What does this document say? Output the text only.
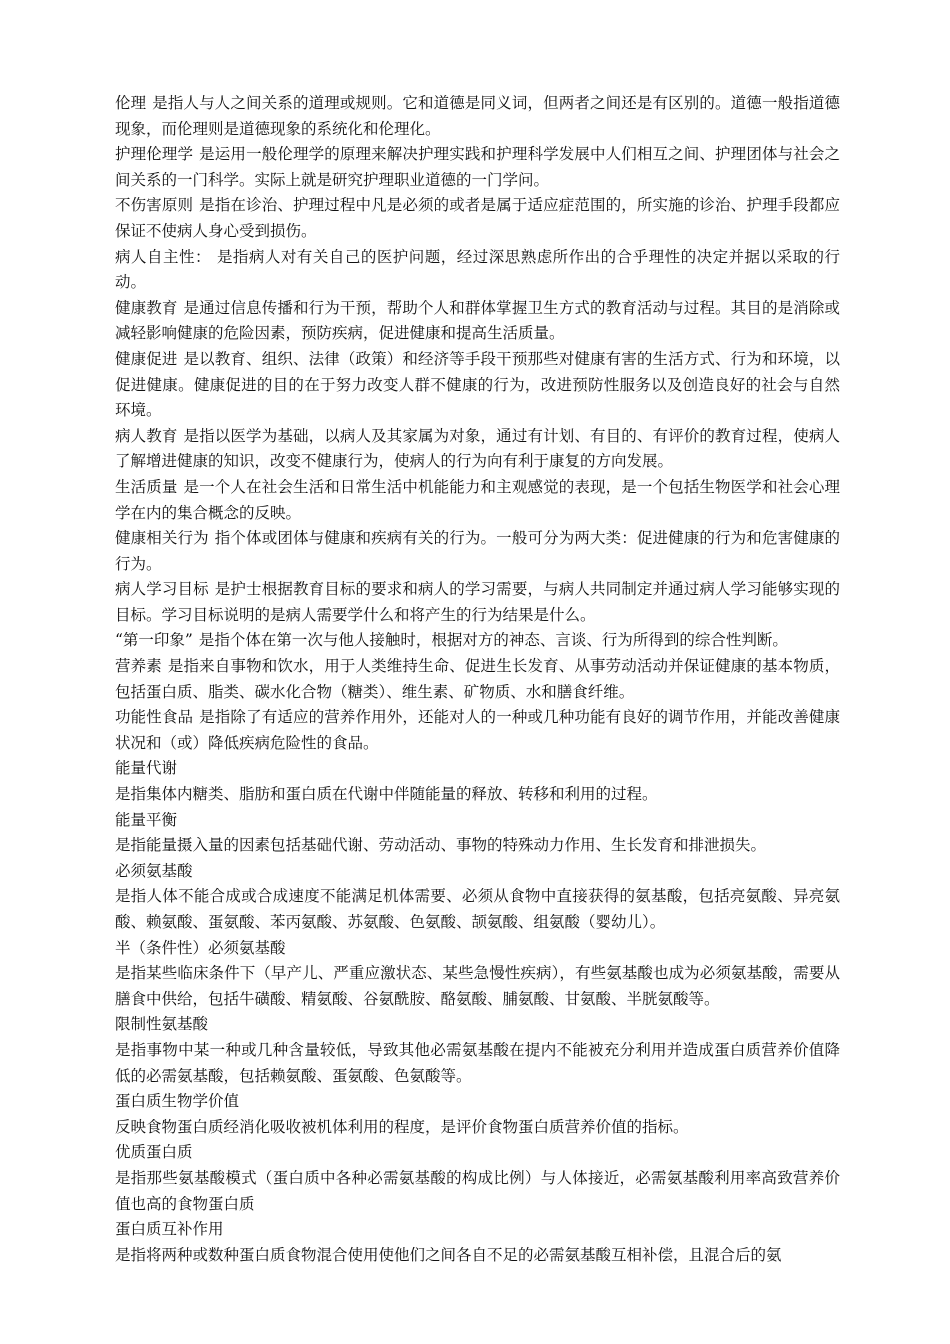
伦理 是指人与人之间关系的道理或规则。它和道德是同义词，但两者之间还是有区别的。道德一般指道德现象，而伦理则是道德现象的系统化和伦理化。

护理伦理学 是运用一般伦理学的原理来解决护理实践和护理科学发展中人们相互之间、护理团体与社会之间关系的一门科学。实际上就是研究护理职业道德的一门学问。

不伤害原则 是指在诊治、护理过程中凡是必须的或者是属于适应症范围的，所实施的诊治、护理手段都应保证不使病人身心受到损伤。

病人自主性： 是指病人对有关自己的医护问题，经过深思熟虑所作出的合乎理性的决定并据以采取的行动。

健康教育 是通过信息传播和行为干预，帮助个人和群体掌握卫生方式的教育活动与过程。其目的是消除或减轻影响健康的危险因素，预防疾病，促进健康和提高生活质量。

健康促进 是以教育、组织、法律（政策）和经济等手段干预那些对健康有害的生活方式、行为和环境，以促进健康。健康促进的目的在于努力改变人群不健康的行为，改进预防性服务以及创造良好的社会与自然环境。

病人教育 是指以医学为基础，以病人及其家属为对象，通过有计划、有目的、有评价的教育过程，使病人了解增进健康的知识，改变不健康行为，使病人的行为向有利于康复的方向发展。

生活质量 是一个人在社会生活和日常生活中机能能力和主观感觉的表现，是一个包括生物医学和社会心理学在内的集合概念的反映。

健康相关行为 指个体或团体与健康和疾病有关的行为。一般可分为两大类：促进健康的行为和危害健康的行为。

病人学习目标 是护士根据教育目标的要求和病人的学习需要，与病人共同制定并通过病人学习能够实现的目标。学习目标说明的是病人需要学什么和将产生的行为结果是什么。

“第一印象” 是指个体在第一次与他人接触时，根据对方的神态、言谈、行为所得到的综合性判断。

营养素 是指来自事物和饮水，用于人类维持生命、促进生长发育、从事劳动活动并保证健康的基本物质，包括蛋白质、脂类、碳水化合物（糖类）、维生素、矿物质、水和膳食纤维。

功能性食品 是指除了有适应的营养作用外，还能对人的一种或几种功能有良好的调节作用，并能改善健康状况和（或）降低疾病危险性的食品。

能量代谢

是指集体内糖类、脂肪和蛋白质在代谢中伴随能量的释放、转移和利用的过程。

能量平衡

是指能量摄入量的因素包括基础代谢、劳动活动、事物的特殊动力作用、生长发育和排泄损失。

必须氨基酸

是指人体不能合成或合成速度不能满足机体需要、必须从食物中直接获得的氨基酸，包括亮氨酸、异亮氨酸、赖氨酸、蛋氨酸、苯丙氨酸、苏氨酸、色氨酸、颉氨酸、组氨酸（婴幼儿）。

半（条件性）必须氨基酸

是指某些临床条件下（早产儿、严重应激状态、某些急慢性疾病），有些氨基酸也成为必须氨基酸，需要从膳食中供给，包括牛磺酸、精氨酸、谷氨酰胺、酪氨酸、脯氨酸、甘氨酸、半胱氨酸等。

限制性氨基酸

是指事物中某一种或几种含量较低，导致其他必需氨基酸在提内不能被充分利用并造成蛋白质营养价值降低的必需氨基酸，包括赖氨酸、蛋氨酸、色氨酸等。

蛋白质生物学价值

反映食物蛋白质经消化吸收被机体利用的程度，是评价食物蛋白质营养价值的指标。

优质蛋白质

是指那些氨基酸模式（蛋白质中各种必需氨基酸的构成比例）与人体接近，必需氨基酸利用率高致营养价值也高的食物蛋白质

蛋白质互补作用

是指将两种或数种蛋白质食物混合使用使他们之间各自不足的必需氨基酸互相补偿，且混合后的氨
